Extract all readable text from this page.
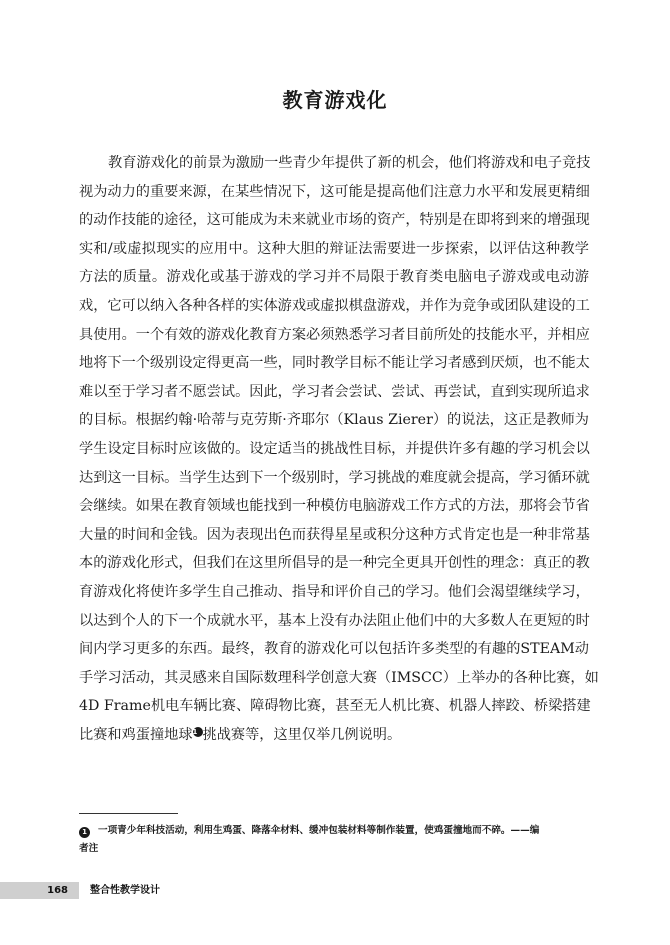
教育游戏化
教育游戏化的前景为激励一些青少年提供了新的机会，他们将游戏和电子竞技
视为动力的重要来源，在某些情况下，这可能是提高他们注意力水平和发展更精细
的动作技能的途径，这可能成为未来就业市场的资产，特别是在即将到来的增强现
实和/或虚拟现实的应用中。这种大胆的辩证法需要进一步探索，以评估这种教学
方法的质量。游戏化或基于游戏的学习并不局限于教育类电脑电子游戏或电动游
戏，它可以纳入各种各样的实体游戏或虚拟棋盘游戏，并作为竞争或团队建设的工
具使用。一个有效的游戏化教育方案必须熟悉学习者目前所处的技能水平，并相应
地将下一个级别设定得更高一些，同时教学目标不能让学习者感到厌烦，也不能太
难以至于学习者不愿尝试。因此，学习者会尝试、尝试、再尝试，直到实现所追求
的目标。根据约翰·哈蒂与克劳斯·齐耶尔（Klaus Zierer）的说法，这正是教师为
学生设定目标时应该做的。设定适当的挑战性目标，并提供许多有趣的学习机会以
达到这一目标。当学生达到下一个级别时，学习挑战的难度就会提高，学习循环就
会继续。如果在教育领域也能找到一种模仿电脑游戏工作方式的方法，那将会节省
大量的时间和金钱。因为表现出色而获得星星或积分这种方式肯定也是一种非常基
本的游戏化形式，但我们在这里所倡导的是一种完全更具开创性的理念：真正的教
育游戏化将使许多学生自己推动、指导和评价自己的学习。他们会渴望继续学习，
以达到个人的下一个成就水平，基本上没有办法阻止他们中的大多数人在更短的时
间内学习更多的东西。最终，教育的游戏化可以包括许多类型的有趣的STEAM动
手学习活动，其灵感来自国际数理科学创意大赛（IMSCC）上举办的各种比赛，如
4D Frame机电车辆比赛、障碍物比赛，甚至无人机比赛、机器人摔跤、桥梁搭建
比赛和鸡蛋撞地球1 挑战赛等，这里仅举几例说明。
1 一项青少年科技活动，利用生鸡蛋、降落伞材料、缓冲包装材料等制作装置，使鸡蛋撞地而不碎。——编
者注
168 整合性教学设计
